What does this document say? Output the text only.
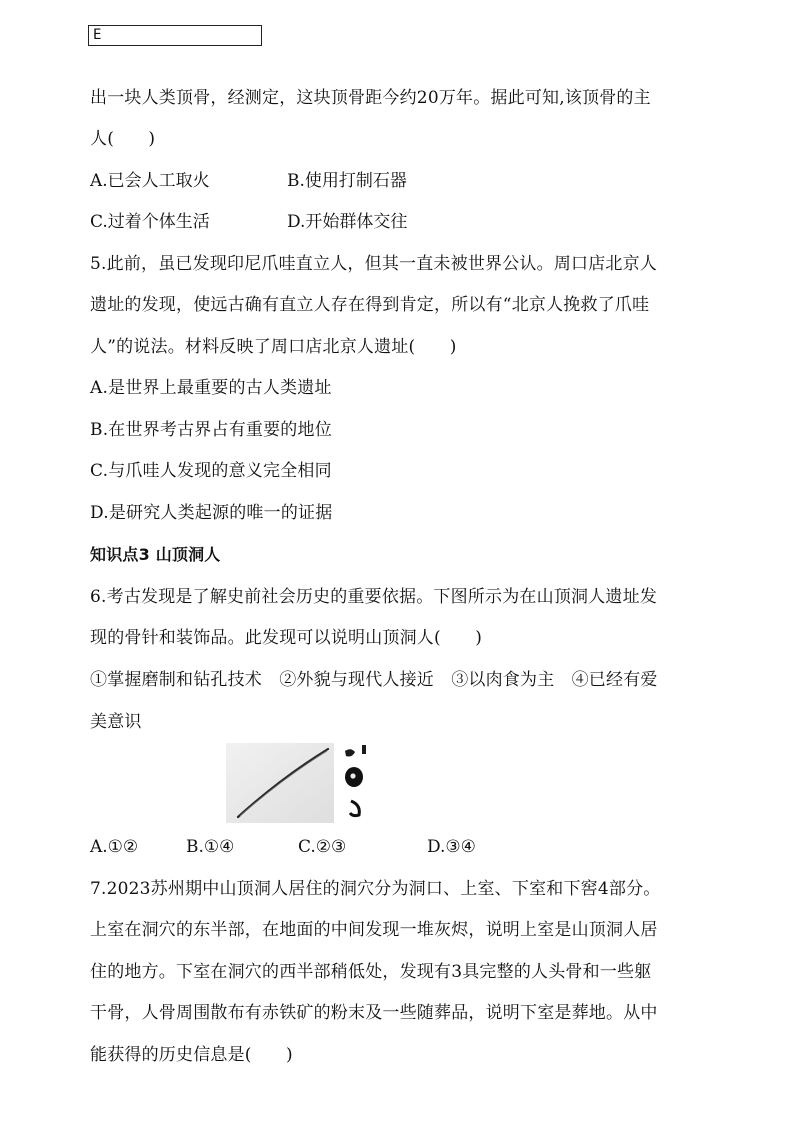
E
出一块人类顶骨，经测定，这块顶骨距今约20万年。据此可知,该顶骨的主
人(　　)
A.已会人工取火	B.使用打制石器
C.过着个体生活	D.开始群体交往
5.此前，虽已发现印尼爪哇直立人，但其一直未被世界公认。周口店北京人
遗址的发现，使远古确有直立人存在得到肯定，所以有“北京人挽救了爪哇
人”的说法。材料反映了周口店北京人遗址(　　)
A.是世界上最重要的古人类遗址
B.在世界考古界占有重要的地位
C.与爪哇人发现的意义完全相同
D.是研究人类起源的唯一的证据
知识点3 山顶洞人
6.考古发现是了解史前社会历史的重要依据。下图所示为在山顶洞人遗址发
现的骨针和装饰品。此发现可以说明山顶洞人(　　)
①掌握磨制和钻孔技术　②外貌与现代人接近　③以肉食为主　④已经有爱
美意识
A.①②	B.①④	C.②③	D.③④
7.2023苏州期中山顶洞人居住的洞穴分为洞口、上室、下室和下窖4部分。
上室在洞穴的东半部，在地面的中间发现一堆灰烬，说明上室是山顶洞人居
住的地方。下室在洞穴的西半部稍低处，发现有3具完整的人头骨和一些躯
干骨，人骨周围散布有赤铁矿的粉末及一些随葬品，说明下室是葬地。从中
能获得的历史信息是(　　)
